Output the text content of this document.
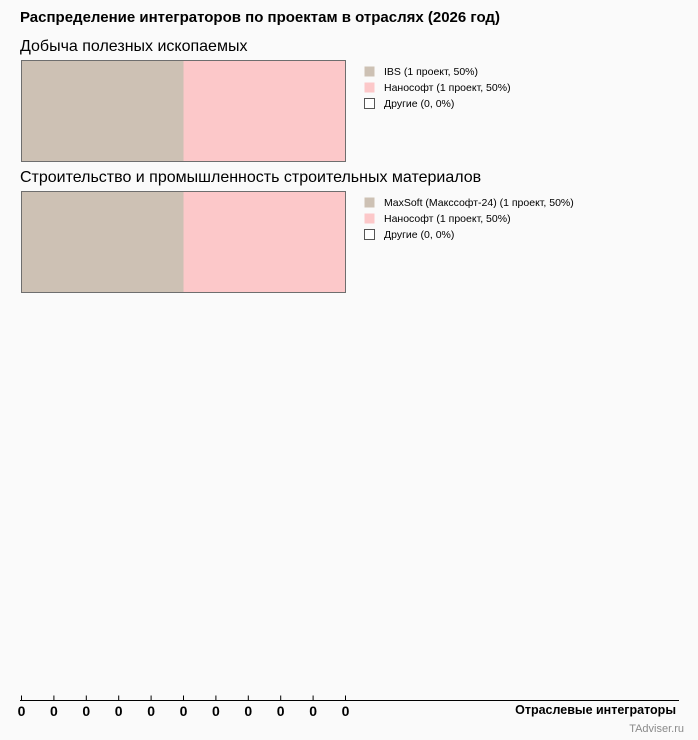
Распределение интеграторов по проектам в отраслях (2026 год)
IBS (1 проект, 50%)
Нанософт (1 проект, 50%)
Другие (0, 0%)
MaxSoft (Макссофт-24) (1 проект, 50%)
Нанософт (1 проект, 50%)
Другие (0, 0%)
0 0 0 0 0 0 0 0 0 0 0
Добыча полезных ископаемых
Строительство и промышленность строительных материалов
Отраслевые интеграторы
TAdviser.ru
